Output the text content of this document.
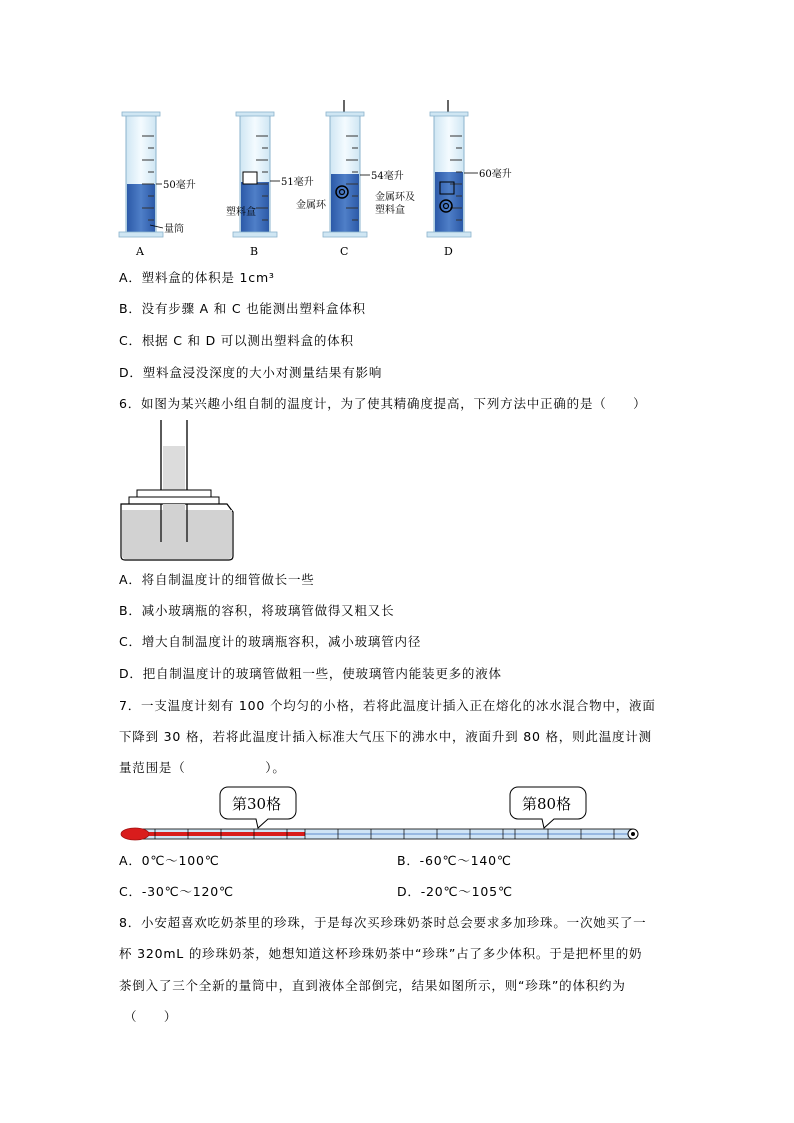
50毫升
量筒
A
51毫升
塑料盒
B
54毫升
金属环
C
60毫升
金属环及
塑料盒
D
A．塑料盒的体积是 1cm³
B．没有步骤 A 和 C 也能测出塑料盒体积
C．根据 C 和 D 可以测出塑料盒的体积
D．塑料盒浸没深度的大小对测量结果有影响
6．如图为某兴趣小组自制的温度计，为了使其精确度提高，下列方法中正确的是（　　）
A．将自制温度计的细管做长一些
B．减小玻璃瓶的容积，将玻璃管做得又粗又长
C．增大自制温度计的玻璃瓶容积，减小玻璃管内径
D．把自制温度计的玻璃管做粗一些，使玻璃管内能装更多的液体
7．一支温度计刻有 100 个均匀的小格，若将此温度计插入正在熔化的冰水混合物中，液面
下降到 30 格，若将此温度计插入标准大气压下的沸水中，液面升到 80 格，则此温度计测
量范围是（　　　　　　）。
第30格	第80格
A．0℃～100℃	B．-60℃～140℃
C．-30℃～120℃	D．-20℃～105℃
8．小安超喜欢吃奶茶里的珍珠，于是每次买珍珠奶茶时总会要求多加珍珠。一次她买了一
杯 320mL 的珍珠奶茶，她想知道这杯珍珠奶茶中“珍珠”占了多少体积。于是把杯里的奶
茶倒入了三个全新的量筒中，直到液体全部倒完，结果如图所示，则“珍珠”的体积约为
（　　）
